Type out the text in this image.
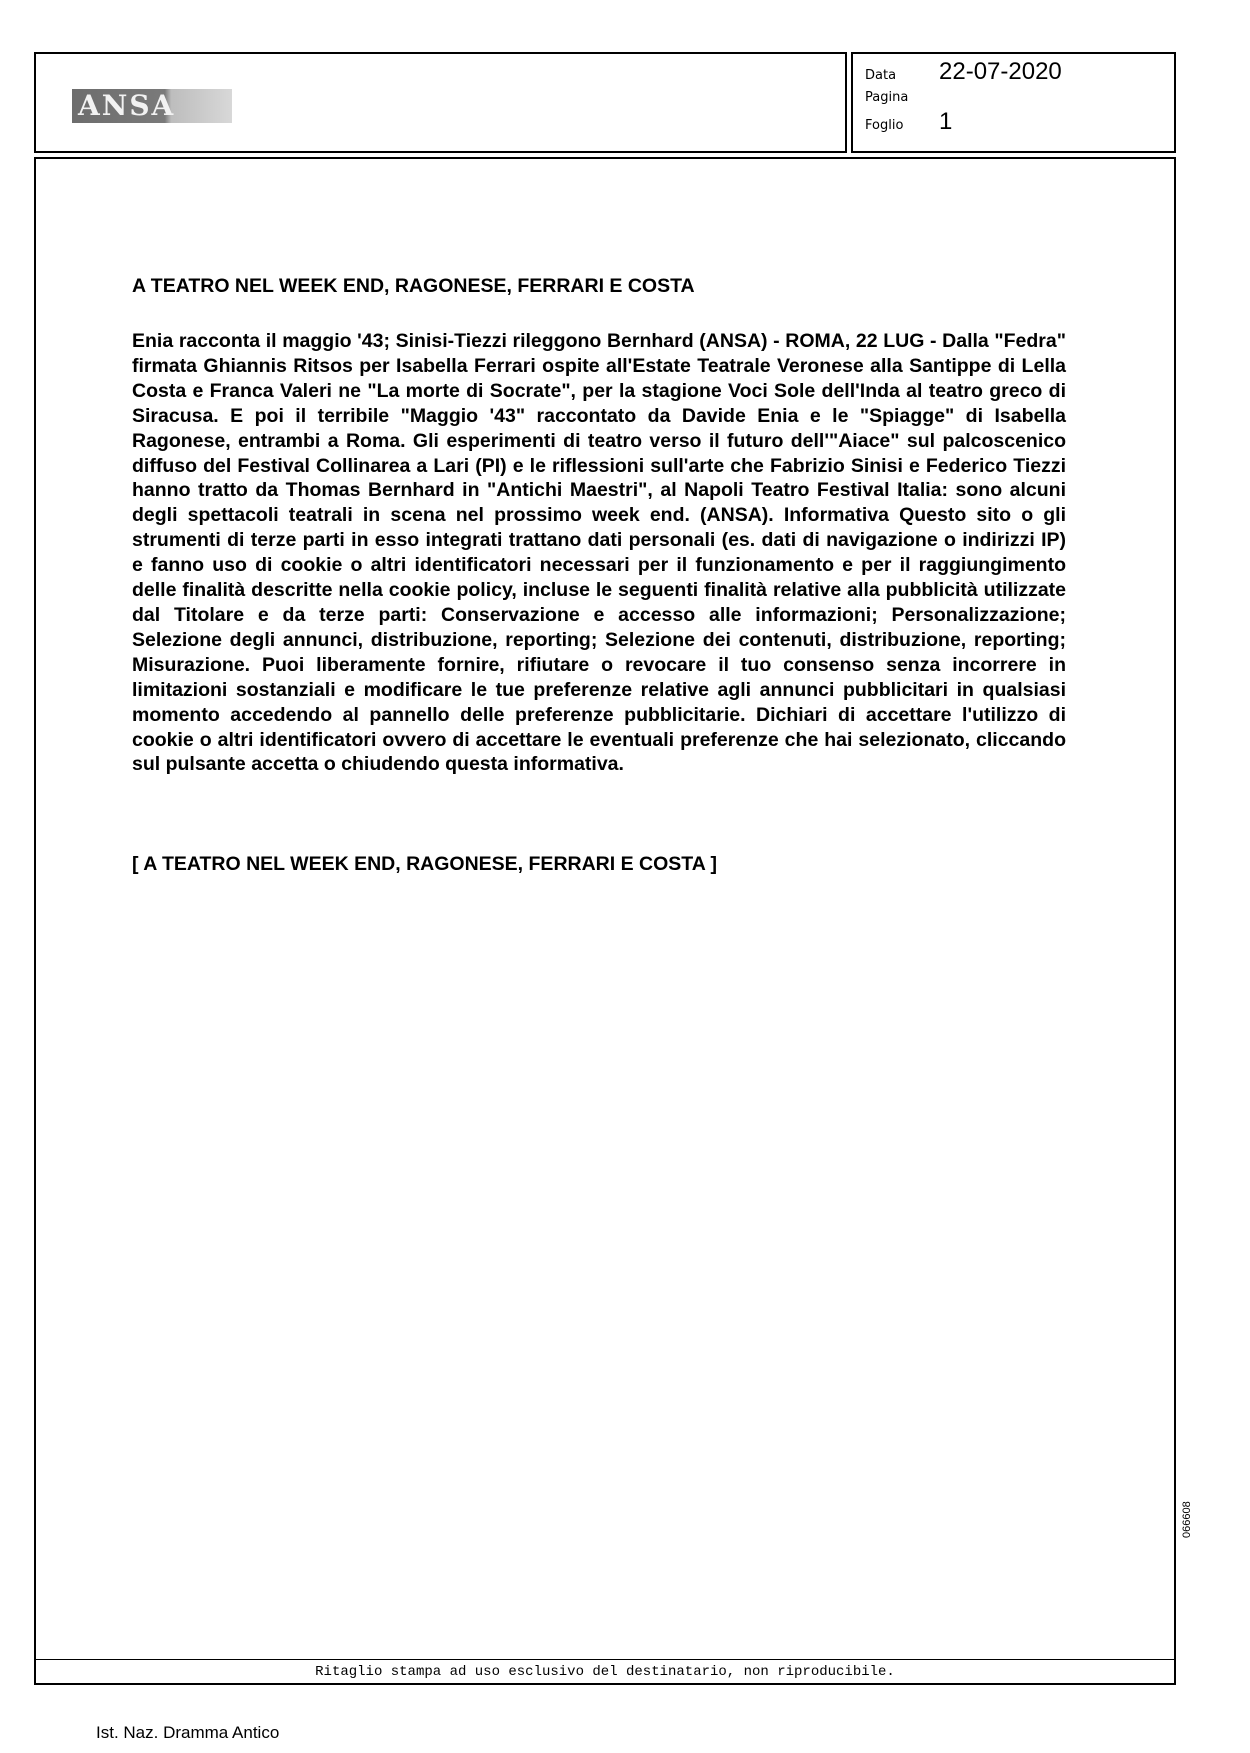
ANSA
Data	22-07-2020
Pagina
Foglio	1
A TEATRO NEL WEEK END, RAGONESE, FERRARI E COSTA

Enia racconta il maggio '43; Sinisi-Tiezzi rileggono Bernhard (ANSA) - ROMA, 22 LUG - Dalla "Fedra" firmata Ghiannis Ritsos per Isabella Ferrari ospite all'Estate Teatrale Veronese alla Santippe di Lella Costa e Franca Valeri ne "La morte di Socrate", per la stagione Voci Sole dell'Inda al teatro greco di Siracusa. E poi il terribile "Maggio '43" raccontato da Davide Enia e le "Spiagge" di Isabella Ragonese, entrambi a Roma. Gli esperimenti di teatro verso il futuro dell'"Aiace" sul palcoscenico diffuso del Festival Collinarea a Lari (PI) e le riflessioni sull'arte che Fabrizio Sinisi e Federico Tiezzi hanno tratto da Thomas Bernhard in "Antichi Maestri", al Napoli Teatro Festival Italia: sono alcuni degli spettacoli teatrali in scena nel prossimo week end. (ANSA). Informativa Questo sito o gli strumenti di terze parti in esso integrati trattano dati personali (es. dati di navigazione o indirizzi IP) e fanno uso di cookie o altri identificatori necessari per il funzionamento e per il raggiungimento delle finalità descritte nella cookie policy, incluse le seguenti finalità relative alla pubblicità utilizzate dal Titolare e da terze parti: Conservazione e accesso alle informazioni; Personalizzazione; Selezione degli annunci, distribuzione, reporting; Selezione dei contenuti, distribuzione, reporting; Misurazione. Puoi liberamente fornire, rifiutare o revocare il tuo consenso senza incorrere in limitazioni sostanziali e modificare le tue preferenze relative agli annunci pubblicitari in qualsiasi momento accedendo al pannello delle preferenze pubblicitarie. Dichiari di accettare l'utilizzo di cookie o altri identificatori ovvero di accettare le eventuali preferenze che hai selezionato, cliccando sul pulsante accetta o chiudendo questa informativa.

[ A TEATRO NEL WEEK END, RAGONESE, FERRARI E COSTA ]
Ritaglio stampa ad uso esclusivo del destinatario, non riproducibile.
066608
Ist. Naz. Dramma Antico
